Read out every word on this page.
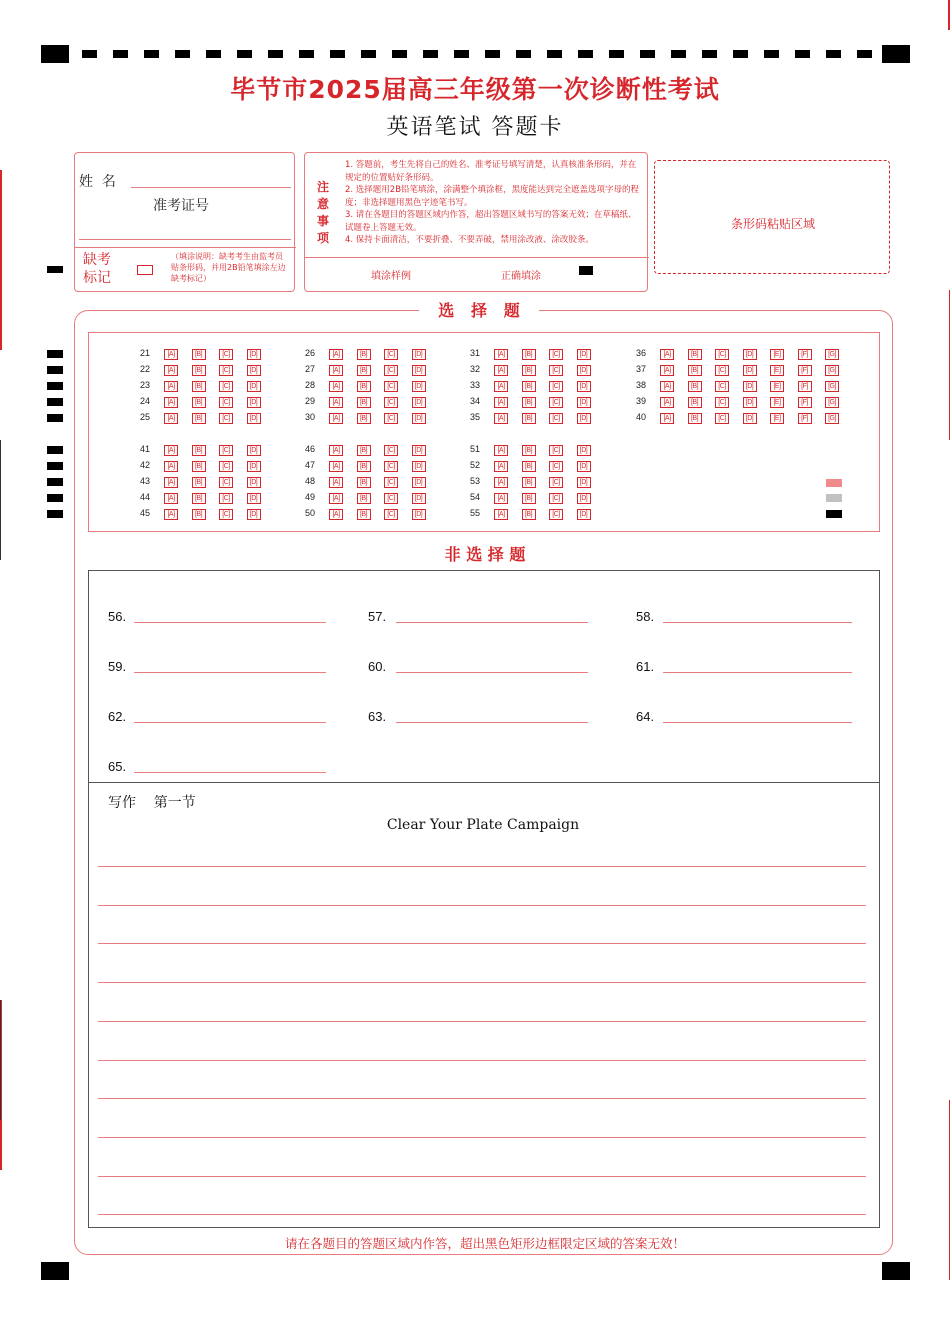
毕节市2025届高三年级第一次诊断性考试
英语笔试 答题卡
姓  名
准考证号
缺考
标记
（填涂说明：缺考考生由监考员贴条形码，并用2B铅笔填涂左边缺考标记）
注
意
事
项
1. 答题前，考生先将自己的姓名、准考证号填写清楚，认真核准条形码，并在规定的位置贴好条形码。
2. 选择题用2B铅笔填涂，涂满整个填涂框，黑度能达到完全遮盖选项字母的程度；非选择题用黑色字迹笔书写。
3. 请在各题目的答题区域内作答，超出答题区域书写的答案无效；在草稿纸、试题卷上答题无效。
4. 保持卡面清洁，不要折叠、不要弄破，禁用涂改液、涂改胶条。
填涂样例	正确填涂
条形码粘贴区域
选   择   题
21	[A]	[B]	[C]	[D]
22	[A]	[B]	[C]	[D]
23	[A]	[B]	[C]	[D]
24	[A]	[B]	[C]	[D]
25	[A]	[B]	[C]	[D]
26	[A]	[B]	[C]	[D]
27	[A]	[B]	[C]	[D]
28	[A]	[B]	[C]	[D]
29	[A]	[B]	[C]	[D]
30	[A]	[B]	[C]	[D]
31	[A]	[B]	[C]	[D]
32	[A]	[B]	[C]	[D]
33	[A]	[B]	[C]	[D]
34	[A]	[B]	[C]	[D]
35	[A]	[B]	[C]	[D]
36	[A]	[B]	[C]	[D]	[E]	[F]	[G]
37	[A]	[B]	[C]	[D]	[E]	[F]	[G]
38	[A]	[B]	[C]	[D]	[E]	[F]	[G]
39	[A]	[B]	[C]	[D]	[E]	[F]	[G]
40	[A]	[B]	[C]	[D]	[E]	[F]	[G]
41	[A]	[B]	[C]	[D]
42	[A]	[B]	[C]	[D]
43	[A]	[B]	[C]	[D]
44	[A]	[B]	[C]	[D]
45	[A]	[B]	[C]	[D]
46	[A]	[B]	[C]	[D]
47	[A]	[B]	[C]	[D]
48	[A]	[B]	[C]	[D]
49	[A]	[B]	[C]	[D]
50	[A]	[B]	[C]	[D]
51	[A]	[B]	[C]	[D]
52	[A]	[B]	[C]	[D]
53	[A]	[B]	[C]	[D]
54	[A]	[B]	[C]	[D]
55	[A]	[B]	[C]	[D]
非 选 择 题
56.	57.	58.
59.	60.	61.
62.	63.	64.
65.
写作    第一节
Clear Your Plate Campaign
请在各题目的答题区域内作答，超出黑色矩形边框限定区域的答案无效！
